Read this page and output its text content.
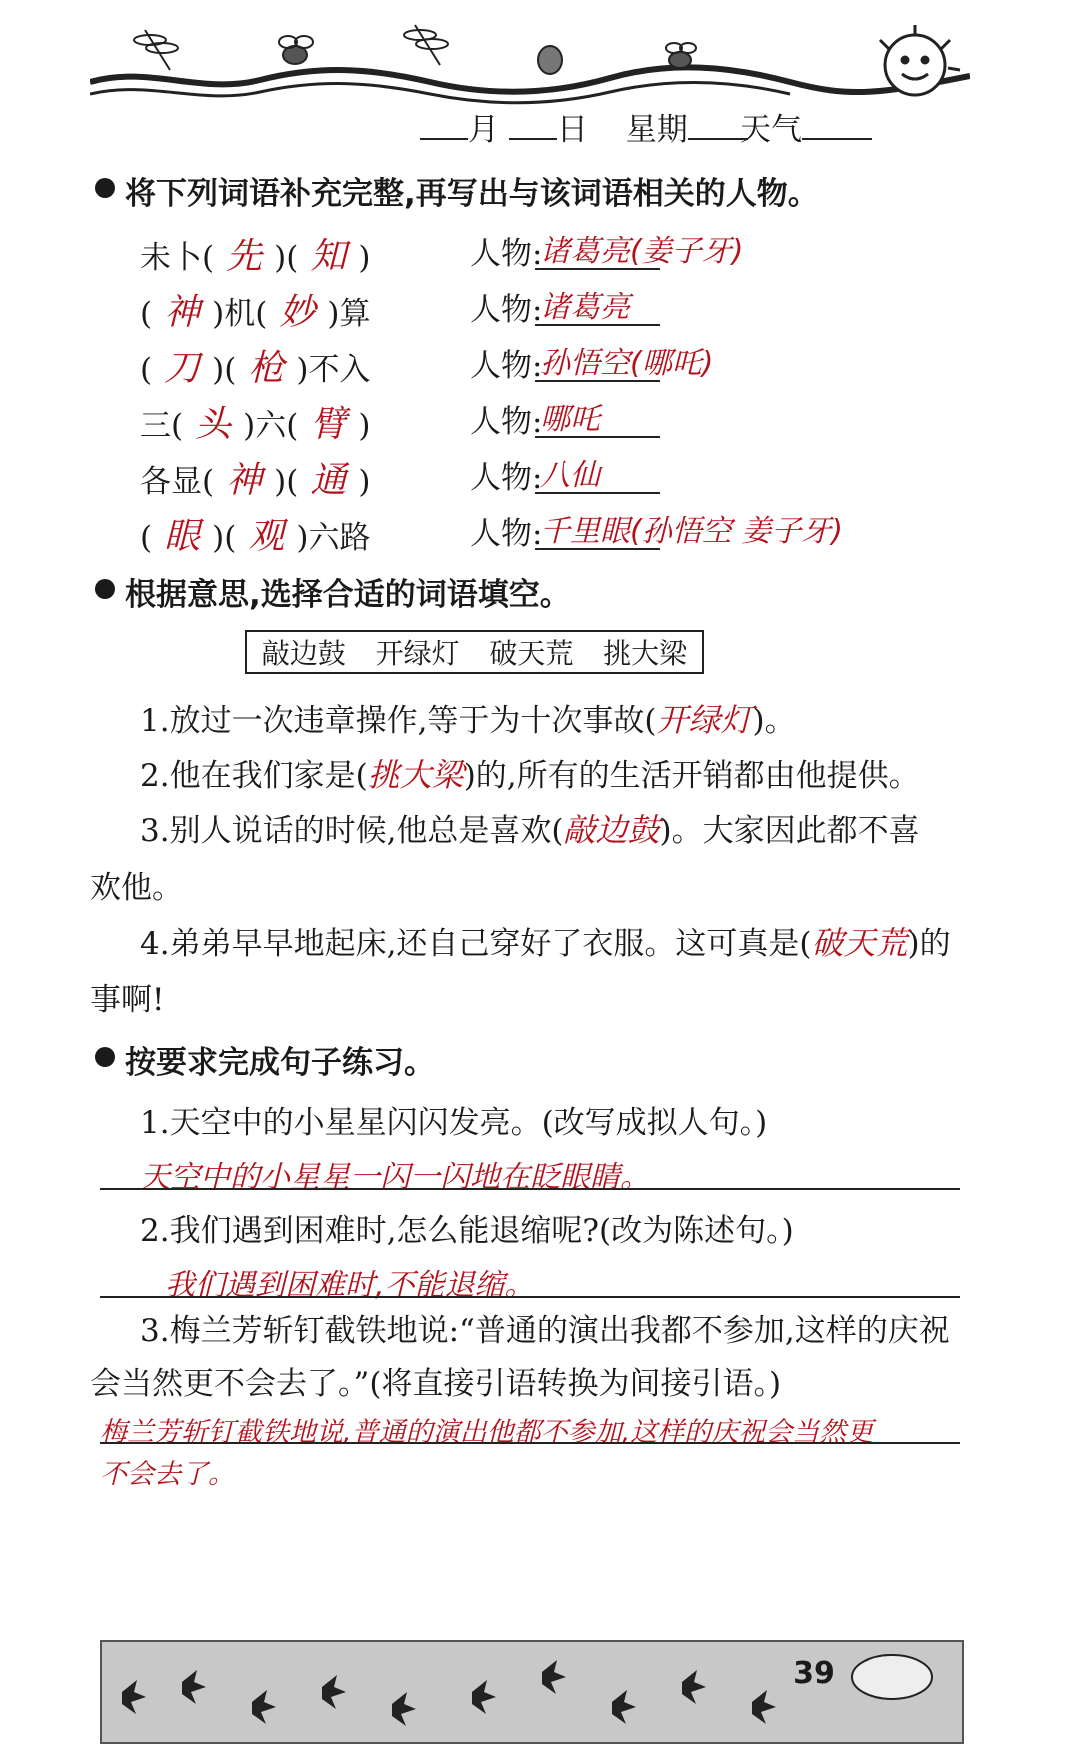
月 日 星期	天气
将下列词语补充完整,再写出与该词语相关的人物。
未卜( 先 )( 知 )	人物:
诸葛亮(姜子牙)
( 神 )机( 妙 )算	人物:
诸葛亮
( 刀 )( 枪 )不入	人物:
孙悟空(哪吒)
三( 头 )六( 臂 )	人物:
哪吒
各显( 神 )( 通 )	人物:
八仙
( 眼 )( 观 )六路	人物:
千里眼(孙悟空 姜子牙)
根据意思,选择合适的词语填空。
敲边鼓 开绿灯 破天荒 挑大梁
1.放过一次违章操作,等于为十次事故(开绿灯)。
2.他在我们家是(挑大梁)的,所有的生活开销都由他提供。
3.别人说话的时候,他总是喜欢(敲边鼓)。大家因此都不喜
欢他。
4.弟弟早早地起床,还自己穿好了衣服。这可真是(破天荒)的
事啊!
按要求完成句子练习。
1.天空中的小星星闪闪发亮。(改写成拟人句。)
天空中的小星星一闪一闪地在眨眼睛。
2.我们遇到困难时,怎么能退缩呢?(改为陈述句。)
我们遇到困难时,不能退缩。
3.梅兰芳斩钉截铁地说:“普通的演出我都不参加,这样的庆祝
会当然更不会去了。”(将直接引语转换为间接引语。)
梅兰芳斩钉截铁地说,普通的演出他都不参加,这样的庆祝会当然更
不会去了。
39
